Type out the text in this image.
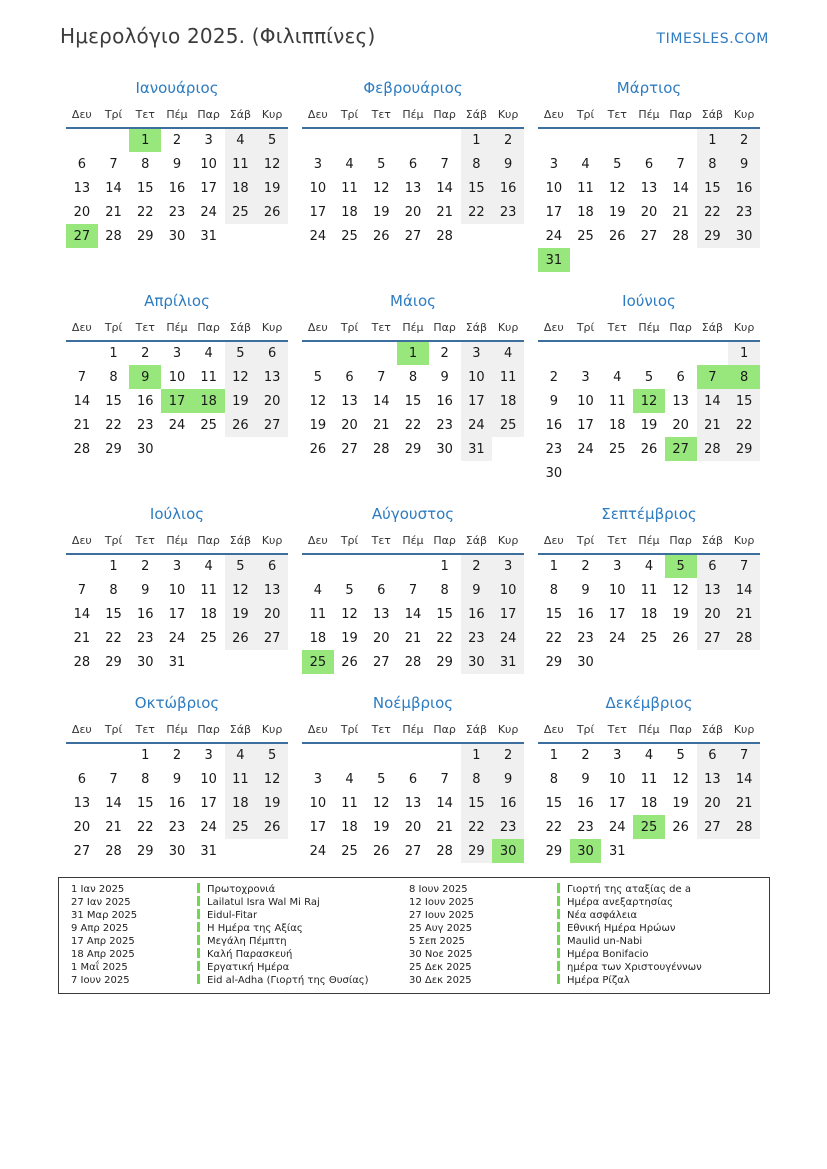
Ημερολόγιο 2025. (Φιλιππίνες)	TIMESLES.COM
Ιανουάριος
Δευ	Τρί	Τετ	Πέμ	Παρ	Σάβ	Κυρ
		1	2	3	4	5
6	7	8	9	10	11	12
13	14	15	16	17	18	19
20	21	22	23	24	25	26
27	28	29	30	31		
Φεβρουάριος
Δευ	Τρί	Τετ	Πέμ	Παρ	Σάβ	Κυρ
					1	2
3	4	5	6	7	8	9
10	11	12	13	14	15	16
17	18	19	20	21	22	23
24	25	26	27	28		
Μάρτιος
Δευ	Τρί	Τετ	Πέμ	Παρ	Σάβ	Κυρ
					1	2
3	4	5	6	7	8	9
10	11	12	13	14	15	16
17	18	19	20	21	22	23
24	25	26	27	28	29	30
31						
Απρίλιος
Δευ	Τρί	Τετ	Πέμ	Παρ	Σάβ	Κυρ
	1	2	3	4	5	6
7	8	9	10	11	12	13
14	15	16	17	18	19	20
21	22	23	24	25	26	27
28	29	30				
Μάιος
Δευ	Τρί	Τετ	Πέμ	Παρ	Σάβ	Κυρ
			1	2	3	4
5	6	7	8	9	10	11
12	13	14	15	16	17	18
19	20	21	22	23	24	25
26	27	28	29	30	31	
Ιούνιος
Δευ	Τρί	Τετ	Πέμ	Παρ	Σάβ	Κυρ
						1
2	3	4	5	6	7	8
9	10	11	12	13	14	15
16	17	18	19	20	21	22
23	24	25	26	27	28	29
30						
Ιούλιος
Δευ	Τρί	Τετ	Πέμ	Παρ	Σάβ	Κυρ
	1	2	3	4	5	6
7	8	9	10	11	12	13
14	15	16	17	18	19	20
21	22	23	24	25	26	27
28	29	30	31			
Αύγουστος
Δευ	Τρί	Τετ	Πέμ	Παρ	Σάβ	Κυρ
				1	2	3
4	5	6	7	8	9	10
11	12	13	14	15	16	17
18	19	20	21	22	23	24
25	26	27	28	29	30	31
Σεπτέμβριος
Δευ	Τρί	Τετ	Πέμ	Παρ	Σάβ	Κυρ
1	2	3	4	5	6	7
8	9	10	11	12	13	14
15	16	17	18	19	20	21
22	23	24	25	26	27	28
29	30					
Οκτώβριος
Δευ	Τρί	Τετ	Πέμ	Παρ	Σάβ	Κυρ
		1	2	3	4	5
6	7	8	9	10	11	12
13	14	15	16	17	18	19
20	21	22	23	24	25	26
27	28	29	30	31		
Νοέμβριος
Δευ	Τρί	Τετ	Πέμ	Παρ	Σάβ	Κυρ
					1	2
3	4	5	6	7	8	9
10	11	12	13	14	15	16
17	18	19	20	21	22	23
24	25	26	27	28	29	30
Δεκέμβριος
Δευ	Τρί	Τετ	Πέμ	Παρ	Σάβ	Κυρ
1	2	3	4	5	6	7
8	9	10	11	12	13	14
15	16	17	18	19	20	21
22	23	24	25	26	27	28
29	30	31				
1 Ιαν 2025	Πρωτοχρονιά	8 Ιουν 2025	Γιορτή της αταξίας de a
27 Ιαν 2025	Lailatul Isra Wal Mi Raj	12 Ιουν 2025	Ημέρα ανεξαρτησίας
31 Μαρ 2025	Eidul-Fitar	27 Ιουν 2025	Νέα ασφάλεια
9 Απρ 2025	Η Ημέρα της Αξίας	25 Αυγ 2025	Εθνική Ημέρα Ηρώων
17 Απρ 2025	Μεγάλη Πέμπτη	5 Σεπ 2025	Maulid un-Nabi
18 Απρ 2025	Καλή Παρασκευή	30 Νοε 2025	Ημέρα Bonifacio
1 Μαΐ 2025	Εργατική Ημέρα	25 Δεκ 2025	ημέρα των Χριστουγέννων
7 Ιουν 2025	Eid al-Adha (Γιορτή της Θυσίας)	30 Δεκ 2025	Ημέρα Ρίζαλ
